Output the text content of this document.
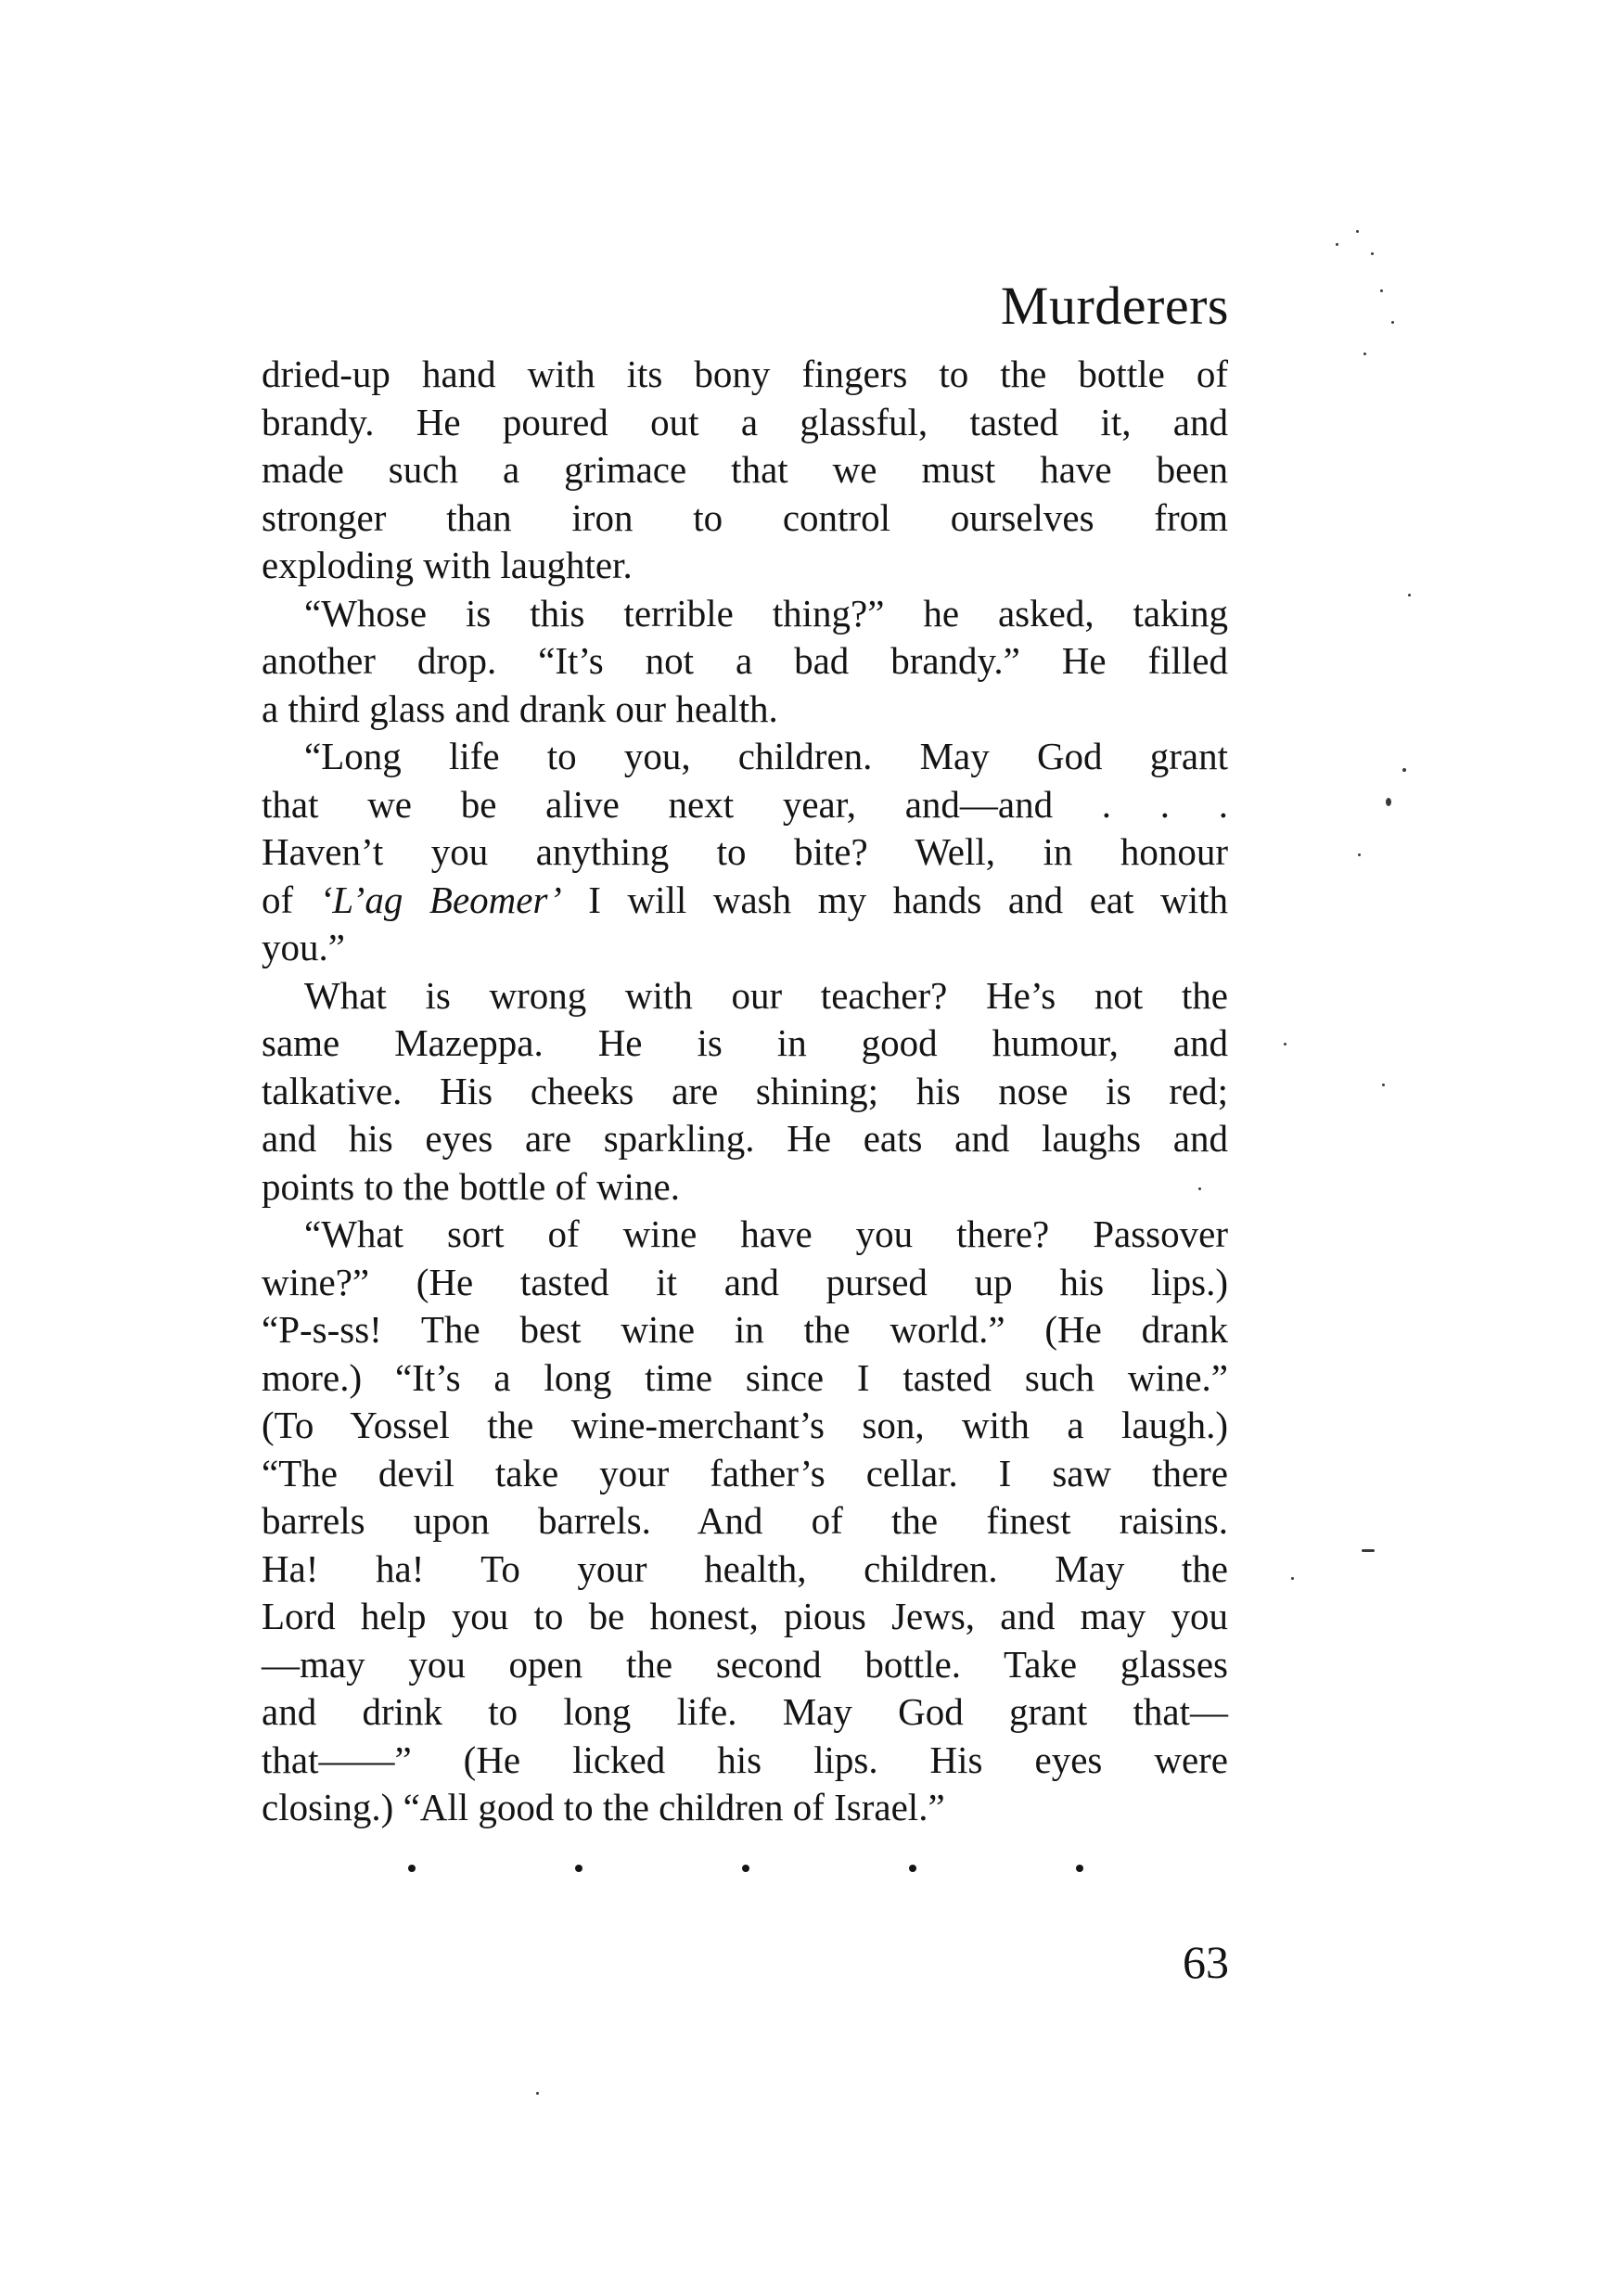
Murderers
dried-up hand with its bony fingers to the bottle of
brandy. He poured out a glassful, tasted it, and
made such a grimace that we must have been
stronger than iron to control ourselves from
exploding with laughter.
“Whose is this terrible thing?” he asked, taking
another drop. “It’s not a bad brandy.” He filled
a third glass and drank our health.
“Long life to you, children. May God grant
that we be alive next year, and—and . . .
Haven’t you anything to bite? Well, in honour
of ‘L’ag Beomer’ I will wash my hands and eat with
you.”
What is wrong with our teacher? He’s not the
same Mazeppa. He is in good humour, and
talkative. His cheeks are shining; his nose is red;
and his eyes are sparkling. He eats and laughs and
points to the bottle of wine.
“What sort of wine have you there? Passover
wine?” (He tasted it and pursed up his lips.)
“P-s-ss! The best wine in the world.” (He drank
more.) “It’s a long time since I tasted such wine.”
(To Yossel the wine-merchant’s son, with a laugh.)
“The devil take your father’s cellar. I saw there
barrels upon barrels. And of the finest raisins.
Ha! ha! To your health, children. May the
Lord help you to be honest, pious Jews, and may you
—may you open the second bottle. Take glasses
and drink to long life. May God grant that—
that——” (He licked his lips. His eyes were
closing.) “All good to the children of Israel.”
63
